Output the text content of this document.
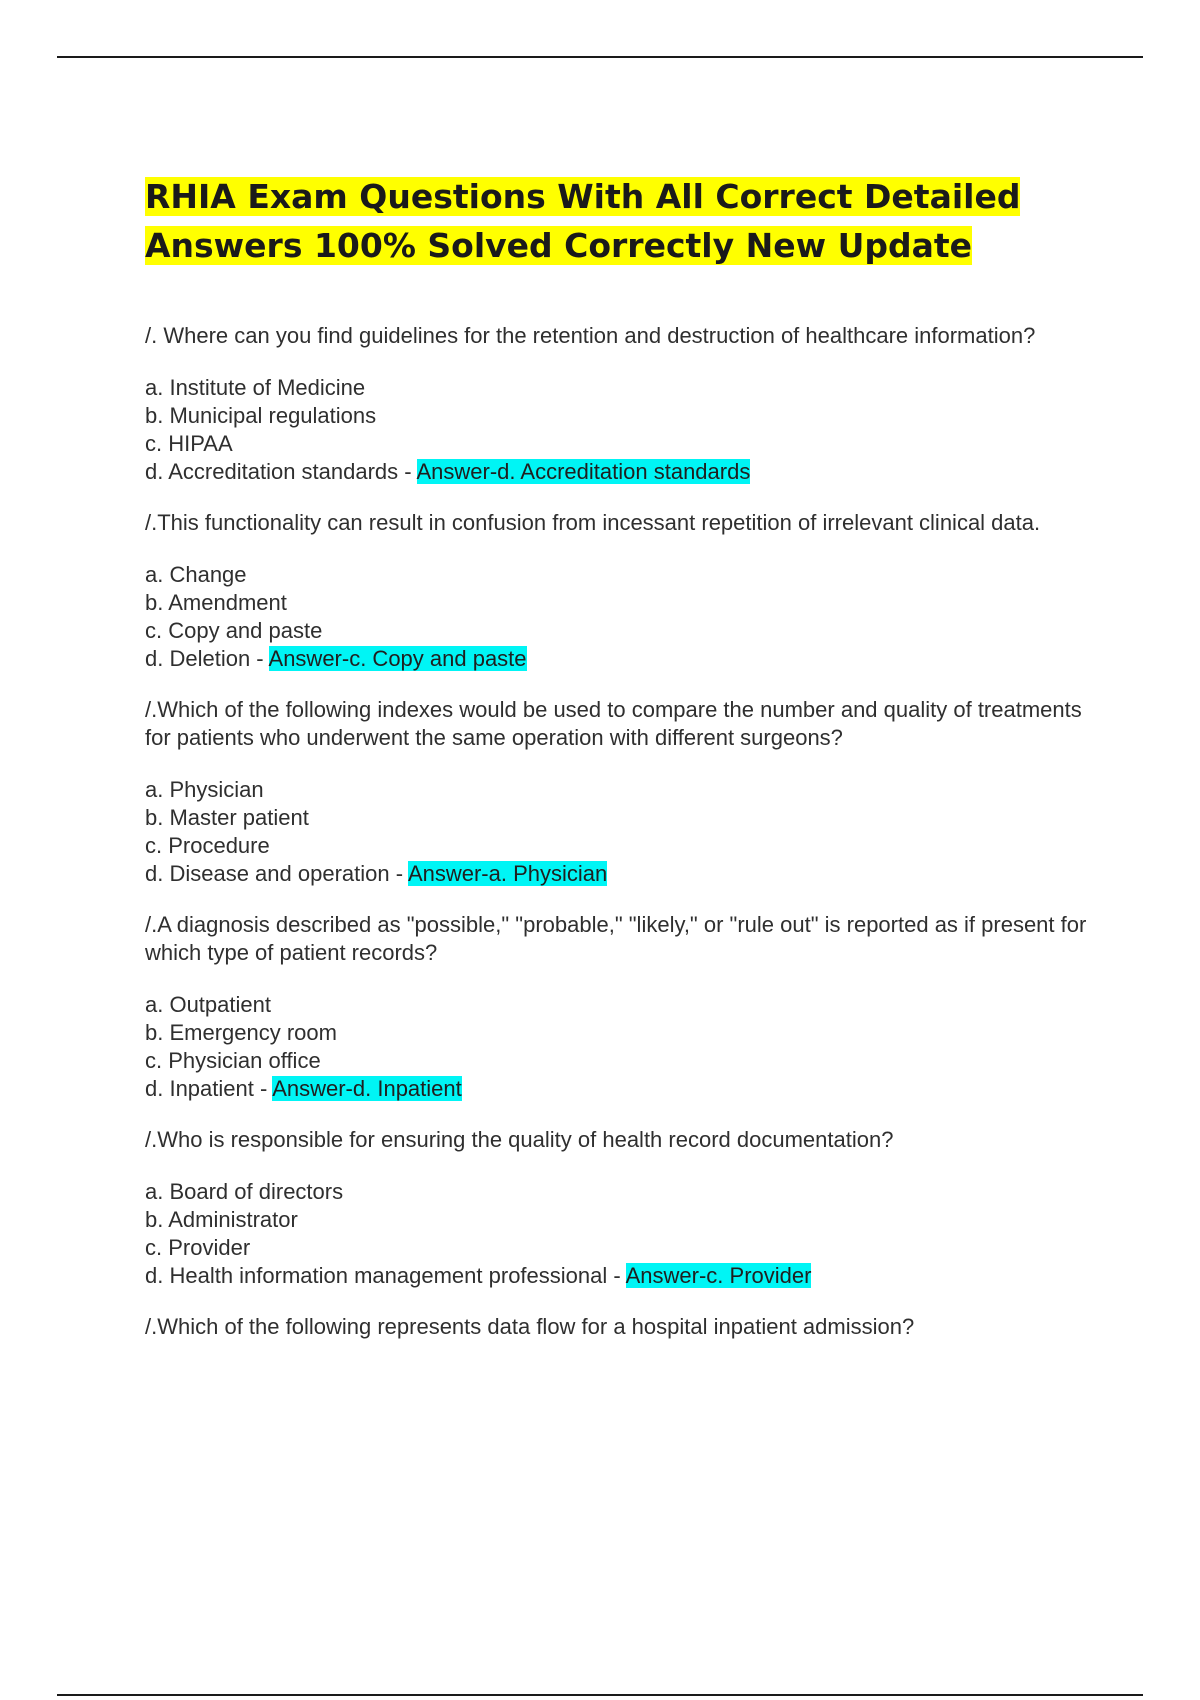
RHIA Exam Questions With All Correct Detailed
Answers 100% Solved Correctly New Update

/. Where can you find guidelines for the retention and destruction of healthcare information?

a. Institute of Medicine
b. Municipal regulations
c. HIPAA
d. Accreditation standards - Answer-d. Accreditation standards

/.This functionality can result in confusion from incessant repetition of irrelevant clinical data.

a. Change
b. Amendment
c. Copy and paste
d. Deletion - Answer-c. Copy and paste

/.Which of the following indexes would be used to compare the number and quality of treatments for patients who underwent the same operation with different surgeons?

a. Physician
b. Master patient
c. Procedure
d. Disease and operation - Answer-a. Physician

/.A diagnosis described as "possible," "probable," "likely," or "rule out" is reported as if present for which type of patient records?

a. Outpatient
b. Emergency room
c. Physician office
d. Inpatient - Answer-d. Inpatient

/.Who is responsible for ensuring the quality of health record documentation?

a. Board of directors
b. Administrator
c. Provider
d. Health information management professional - Answer-c. Provider

/.Which of the following represents data flow for a hospital inpatient admission?
